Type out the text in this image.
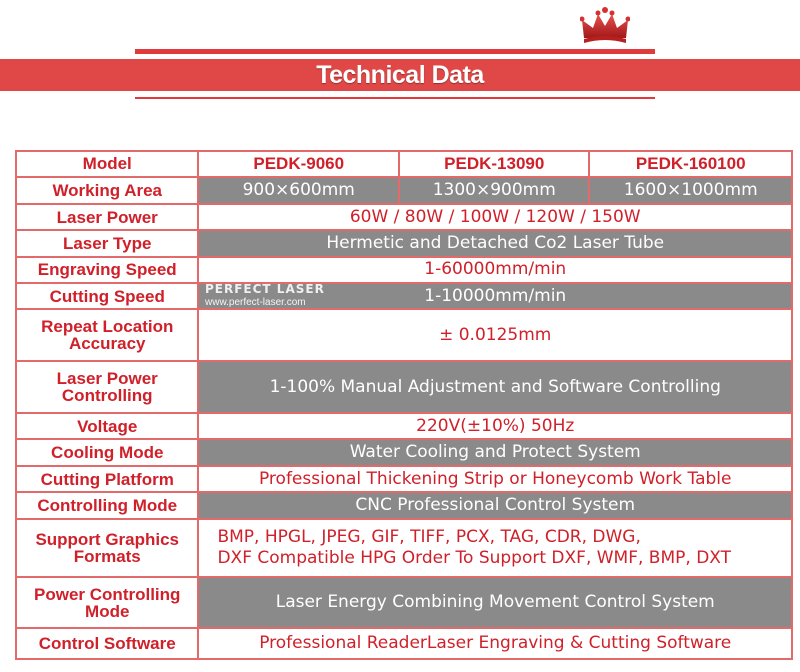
Technical Data
Model	PEDK-9060	PEDK-13090	PEDK-160100
Working Area	900×600mm	1300×900mm	1600×1000mm
Laser Power	60W / 80W / 100W / 120W / 150W		
Laser Type	Hermetic and Detached Co2 Laser Tube		
Engraving Speed	1-60000mm/min		
Cutting Speed	1-10000mm/min		
Repeat Location Accuracy	± 0.0125mm		
Laser Power Controlling	1-100% Manual Adjustment and Software Controlling		
Voltage	220V(±10%) 50Hz		
Cooling Mode	Water Cooling and Protect System		
Cutting Platform	Professional Thickening Strip or Honeycomb Work Table		
Controlling Mode	CNC Professional Control System		
Support Graphics Formats	BMP, HPGL, JPEG, GIF, TIFF, PCX, TAG, CDR, DWG,
DXF Compatible HPG Order To Support DXF, WMF, BMP, DXT		

Power Controlling Mode	Laser Energy Combining Movement Control System		
Control Software	Professional ReaderLaser Engraving & Cutting Software		
PERFECT LASER
www.perfect-laser.com
